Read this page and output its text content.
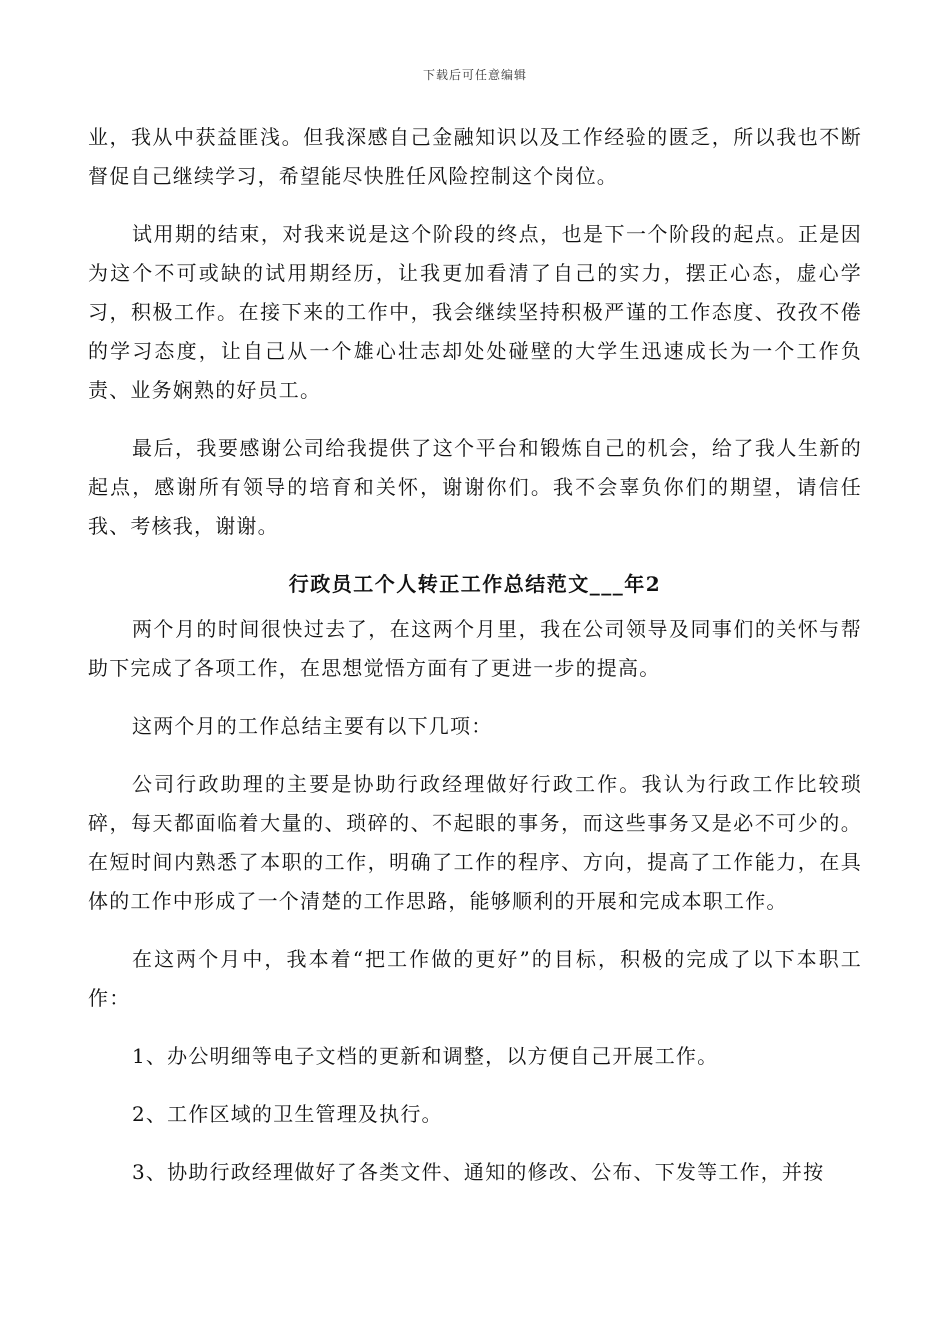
下载后可任意编辑

业，我从中获益匪浅。但我深感自己金融知识以及工作经验的匮乏，所以我也不断督促自己继续学习，希望能尽快胜任风险控制这个岗位。

试用期的结束，对我来说是这个阶段的终点，也是下一个阶段的起点。正是因为这个不可或缺的试用期经历，让我更加看清了自己的实力，摆正心态，虚心学习，积极工作。在接下来的工作中，我会继续坚持积极严谨的工作态度、孜孜不倦的学习态度，让自己从一个雄心壮志却处处碰壁的大学生迅速成长为一个工作负责、业务娴熟的好员工。

最后，我要感谢公司给我提供了这个平台和锻炼自己的机会，给了我人生新的起点，感谢所有领导的培育和关怀，谢谢你们。我不会辜负你们的期望，请信任我、考核我，谢谢。

行政员工个人转正工作总结范文___年2

两个月的时间很快过去了，在这两个月里，我在公司领导及同事们的关怀与帮助下完成了各项工作，在思想觉悟方面有了更进一步的提高。

这两个月的工作总结主要有以下几项：

公司行政助理的主要是协助行政经理做好行政工作。我认为行政工作比较琐碎，每天都面临着大量的、琐碎的、不起眼的事务，而这些事务又是必不可少的。在短时间内熟悉了本职的工作，明确了工作的程序、方向，提高了工作能力，在具体的工作中形成了一个清楚的工作思路，能够顺利的开展和完成本职工作。

在这两个月中，我本着“把工作做的更好”的目标，积极的完成了以下本职工作：

1、办公明细等电子文档的更新和调整，以方便自己开展工作。

2、工作区域的卫生管理及执行。

3、协助行政经理做好了各类文件、通知的修改、公布、下发等工作，并按
